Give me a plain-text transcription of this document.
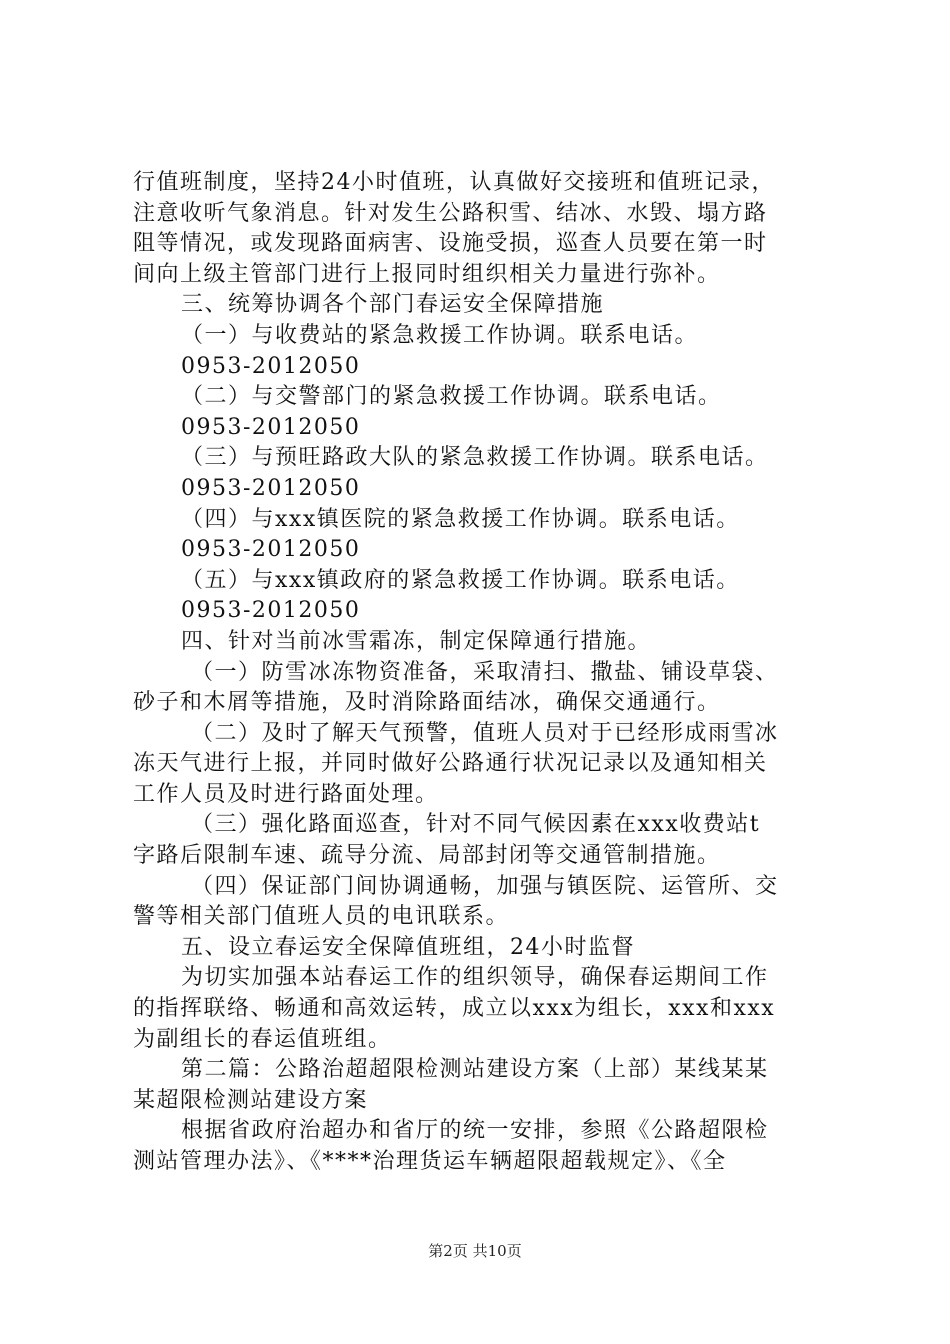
行值班制度，坚持24小时值班，认真做好交接班和值班记录，
注意收听气象消息。针对发生公路积雪、结冰、水毁、塌方路
阻等情况，或发现路面病害、设施受损，巡查人员要在第一时
间向上级主管部门进行上报同时组织相关力量进行弥补。
三、统筹协调各个部门春运安全保障措施
（一）与收费站的紧急救援工作协调。联系电话。
0953-2012050
（二）与交警部门的紧急救援工作协调。联系电话。
0953-2012050
（三）与预旺路政大队的紧急救援工作协调。联系电话。
0953-2012050
（四）与xxx镇医院的紧急救援工作协调。联系电话。
0953-2012050
（五）与xxx镇政府的紧急救援工作协调。联系电话。
0953-2012050
四、针对当前冰雪霜冻，制定保障通行措施。
（一）防雪冰冻物资准备，采取清扫、撒盐、铺设草袋、
砂子和木屑等措施，及时消除路面结冰，确保交通通行。
（二）及时了解天气预警，值班人员对于已经形成雨雪冰
冻天气进行上报，并同时做好公路通行状况记录以及通知相关
工作人员及时进行路面处理。
（三）强化路面巡查，针对不同气候因素在xxx收费站t
字路后限制车速、疏导分流、局部封闭等交通管制措施。
（四）保证部门间协调通畅，加强与镇医院、运管所、交
警等相关部门值班人员的电讯联系。
五、设立春运安全保障值班组，24小时监督
为切实加强本站春运工作的组织领导，确保春运期间工作
的指挥联络、畅通和高效运转，成立以xxx为组长，xxx和xxx
为副组长的春运值班组。
第二篇：公路治超超限检测站建设方案（上部）某线某某
某超限检测站建设方案
根据省政府治超办和省厅的统一安排，参照《公路超限检
测站管理办法》、《****治理货运车辆超限超载规定》、《全
第2页 共10页
